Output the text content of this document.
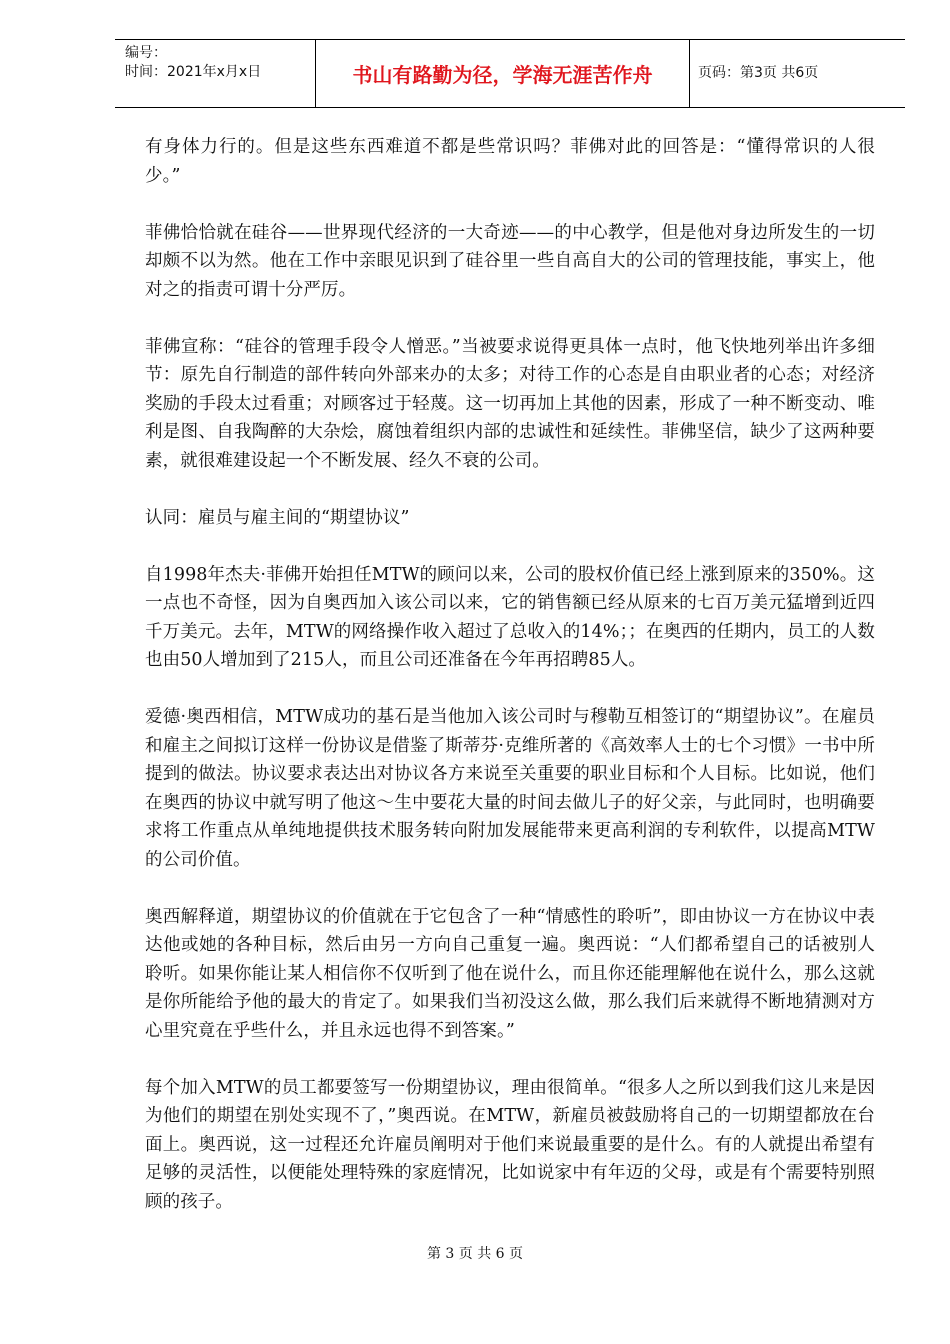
编号：
时间：2021年x月x日	书山有路勤为径，学海无涯苦作舟	页码：第3页 共6页

有身体力行的。但是这些东西难道不都是些常识吗？菲佛对此的回答是：“懂得常识的人很少。”

菲佛恰恰就在硅谷——世界现代经济的一大奇迹——的中心教学，但是他对身边所发生的一切却颇不以为然。他在工作中亲眼见识到了硅谷里一些自高自大的公司的管理技能，事实上，他对之的指责可谓十分严厉。

菲佛宣称：“硅谷的管理手段令人憎恶。”当被要求说得更具体一点时，他飞快地列举出许多细节：原先自行制造的部件转向外部来办的太多；对待工作的心态是自由职业者的心态；对经济奖励的手段太过看重；对顾客过于轻蔑。这一切再加上其他的因素，形成了一种不断变动、唯利是图、自我陶醉的大杂烩，腐蚀着组织内部的忠诚性和延续性。菲佛坚信，缺少了这两种要素，就很难建设起一个不断发展、经久不衰的公司。

认同：雇员与雇主间的“期望协议”

自1998年杰夫·菲佛开始担任MTW的顾问以来，公司的股权价值已经上涨到原来的350%。这一点也不奇怪，因为自奥西加入该公司以来，它的销售额已经从原来的七百万美元猛增到近四千万美元。去年，MTW的网络操作收入超过了总收入的14%；；在奥西的任期内，员工的人数也由50人增加到了215人，而且公司还准备在今年再招聘85人。

爱德·奥西相信，MTW成功的基石是当他加入该公司时与穆勒互相签订的“期望协议”。在雇员和雇主之间拟订这样一份协议是借鉴了斯蒂芬·克维所著的《高效率人士的七个习惯》一书中所提到的做法。协议要求表达出对协议各方来说至关重要的职业目标和个人目标。比如说，他们在奥西的协议中就写明了他这～生中要花大量的时间去做儿子的好父亲，与此同时，也明确要求将工作重点从单纯地提供技术服务转向附加发展能带来更高利润的专利软件，以提高MTW的公司价值。

奥西解释道，期望协议的价值就在于它包含了一种“情感性的聆听”，即由协议一方在协议中表达他或她的各种目标，然后由另一方向自己重复一遍。奥西说：“人们都希望自己的话被别人聆听。如果你能让某人相信你不仅听到了他在说什么，而且你还能理解他在说什么，那么这就是你所能给予他的最大的肯定了。如果我们当初没这么做，那么我们后来就得不断地猜测对方心里究竟在乎些什么，并且永远也得不到答案。”

每个加入MTW的员工都要签写一份期望协议，理由很简单。“很多人之所以到我们这儿来是因为他们的期望在别处实现不了，”奥西说。在MTW，新雇员被鼓励将自己的一切期望都放在台面上。奥西说，这一过程还允许雇员阐明对于他们来说最重要的是什么。有的人就提出希望有足够的灵活性，以便能处理特殊的家庭情况，比如说家中有年迈的父母，或是有个需要特别照顾的孩子。

第 3 页 共 6 页
